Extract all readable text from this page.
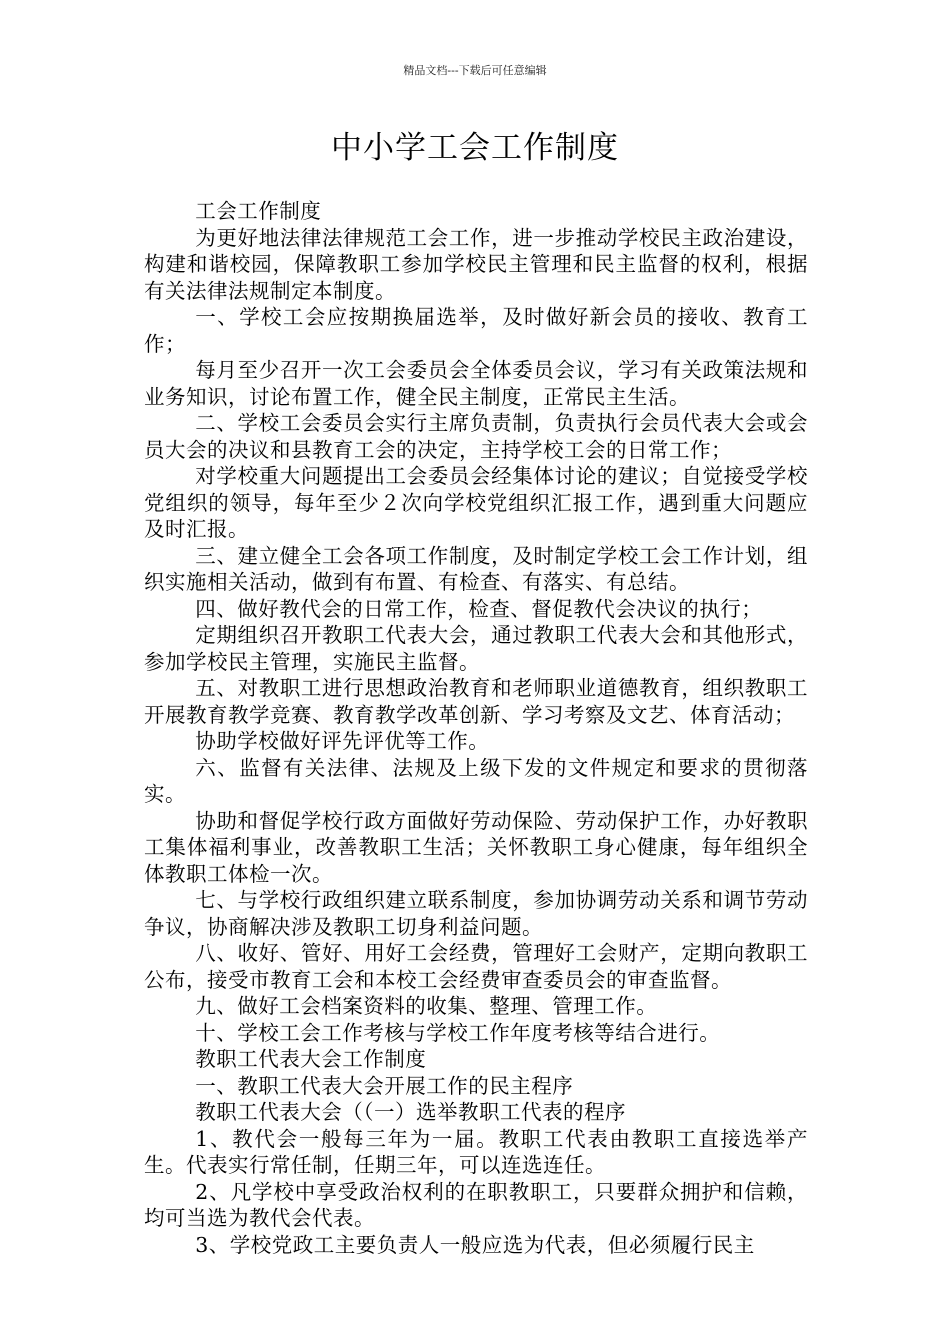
精品文档---下载后可任意编辑
中小学工会工作制度

工会工作制度

为更好地法律法律规范工会工作，进一步推动学校民主政治建设，构建和谐校园，保障教职工参加学校民主管理和民主监督的权利，根据有关法律法规制定本制度。

一、学校工会应按期换届选举，及时做好新会员的接收、教育工作；

每月至少召开一次工会委员会全体委员会议，学习有关政策法规和业务知识，讨论布置工作，健全民主制度，正常民主生活。

二、学校工会委员会实行主席负责制，负责执行会员代表大会或会员大会的决议和县教育工会的决定，主持学校工会的日常工作；

对学校重大问题提出工会委员会经集体讨论的建议；自觉接受学校党组织的领导，每年至少２次向学校党组织汇报工作，遇到重大问题应及时汇报。

三、建立健全工会各项工作制度，及时制定学校工会工作计划，组织实施相关活动，做到有布置、有检查、有落实、有总结。

四、做好教代会的日常工作，检查、督促教代会决议的执行；

定期组织召开教职工代表大会，通过教职工代表大会和其他形式，参加学校民主管理，实施民主监督。

五、对教职工进行思想政治教育和老师职业道德教育，组织教职工开展教育教学竞赛、教育教学改革创新、学习考察及文艺、体育活动；

协助学校做好评先评优等工作。

六、监督有关法律、法规及上级下发的文件规定和要求的贯彻落实。

协助和督促学校行政方面做好劳动保险、劳动保护工作，办好教职工集体福利事业，改善教职工生活；关怀教职工身心健康，每年组织全体教职工体检一次。

七、与学校行政组织建立联系制度，参加协调劳动关系和调节劳动争议，协商解决涉及教职工切身利益问题。

八、收好、管好、用好工会经费，管理好工会财产，定期向教职工公布，接受市教育工会和本校工会经费审查委员会的审查监督。

九、做好工会档案资料的收集、整理、管理工作。

十、学校工会工作考核与学校工作年度考核等结合进行。

教职工代表大会工作制度

一、教职工代表大会开展工作的民主程序

教职工代表大会（（一）选举教职工代表的程序

1、教代会一般每三年为一届。教职工代表由教职工直接选举产生。代表实行常任制，任期三年，可以连选连任。

2、凡学校中享受政治权利的在职教职工，只要群众拥护和信赖，均可当选为教代会代表。

3、学校党政工主要负责人一般应选为代表，但必须履行民主
